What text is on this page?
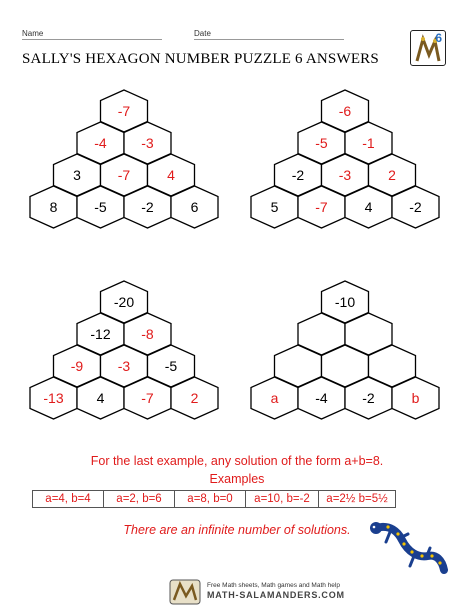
Name	Date
SALLY'S HEXAGON NUMBER PUZZLE 6 ANSWERS
6
-7
-4 -3
3	-7	4
8	-5 -2	6
-6
-5 -1
-2 -3	2
5	-7	4	-2
-20
-12 -8
-9 -3 -5
-13 4	-7	2
-10
a	-4 -2	b
For the last example, any solution of the form a+b=8.
Examples
a=4, b=4	a=2, b=6	a=8, b=0	a=10, b=-2	a=2½ b=5½
There are an infinite number of solutions.
Free Math sheets, Math games and Math help
MATH-SALAMANDERS.COM
